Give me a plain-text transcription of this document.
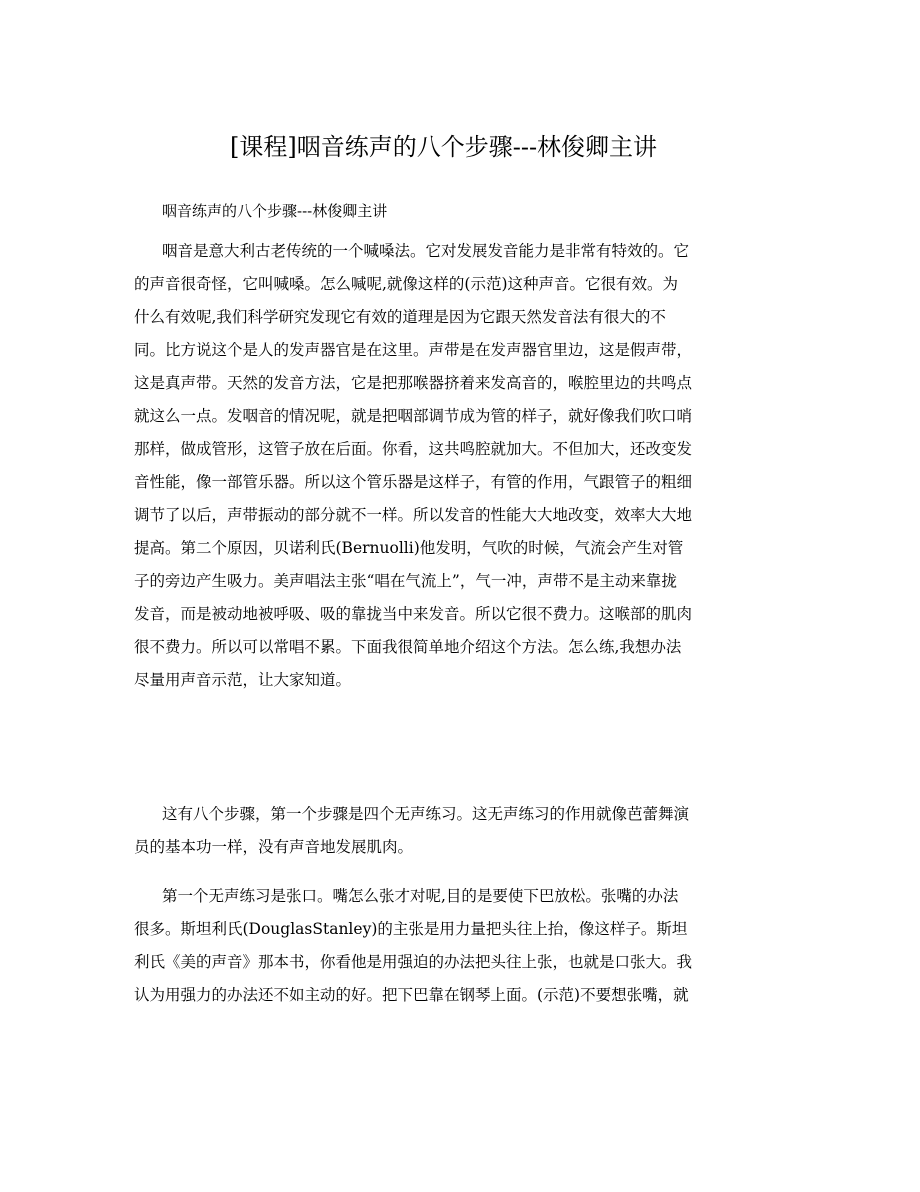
[课程]咽音练声的八个步骤---林俊卿主讲
咽音练声的八个步骤---林俊卿主讲
咽音是意大利古老传统的一个喊嗓法。它对发展发音能力是非常有特效的。它
的声音很奇怪，它叫喊嗓。怎么喊呢,就像这样的(示范)这种声音。它很有效。为
什么有效呢,我们科学研究发现它有效的道理是因为它跟天然发音法有很大的不
同。比方说这个是人的发声器官是在这里。声带是在发声器官里边，这是假声带，
这是真声带。天然的发音方法，它是把那喉器挤着来发高音的，喉腔里边的共鸣点
就这么一点。发咽音的情况呢，就是把咽部调节成为管的样子，就好像我们吹口哨
那样，做成管形，这管子放在后面。你看，这共鸣腔就加大。不但加大，还改变发
音性能，像一部管乐器。所以这个管乐器是这样子，有管的作用，气跟管子的粗细
调节了以后，声带振动的部分就不一样。所以发音的性能大大地改变，效率大大地
提高。第二个原因，贝诺利氏(Bernuolli)他发明，气吹的时候，气流会产生对管
子的旁边产生吸力。美声唱法主张“唱在气流上”，气一冲，声带不是主动来靠拢
发音，而是被动地被呼吸、吸的靠拢当中来发音。所以它很不费力。这喉部的肌肉
很不费力。所以可以常唱不累。下面我很简单地介绍这个方法。怎么练,我想办法
尽量用声音示范，让大家知道。
这有八个步骤，第一个步骤是四个无声练习。这无声练习的作用就像芭蕾舞演
员的基本功一样，没有声音地发展肌肉。
第一个无声练习是张口。嘴怎么张才对呢,目的是要使下巴放松。张嘴的办法
很多。斯坦利氏(DouglasStanley)的主张是用力量把头往上抬，像这样子。斯坦
利氏《美的声音》那本书，你看他是用强迫的办法把头往上张，也就是口张大。我
认为用强力的办法还不如主动的好。把下巴靠在钢琴上面。(示范)不要想张嘴，就
